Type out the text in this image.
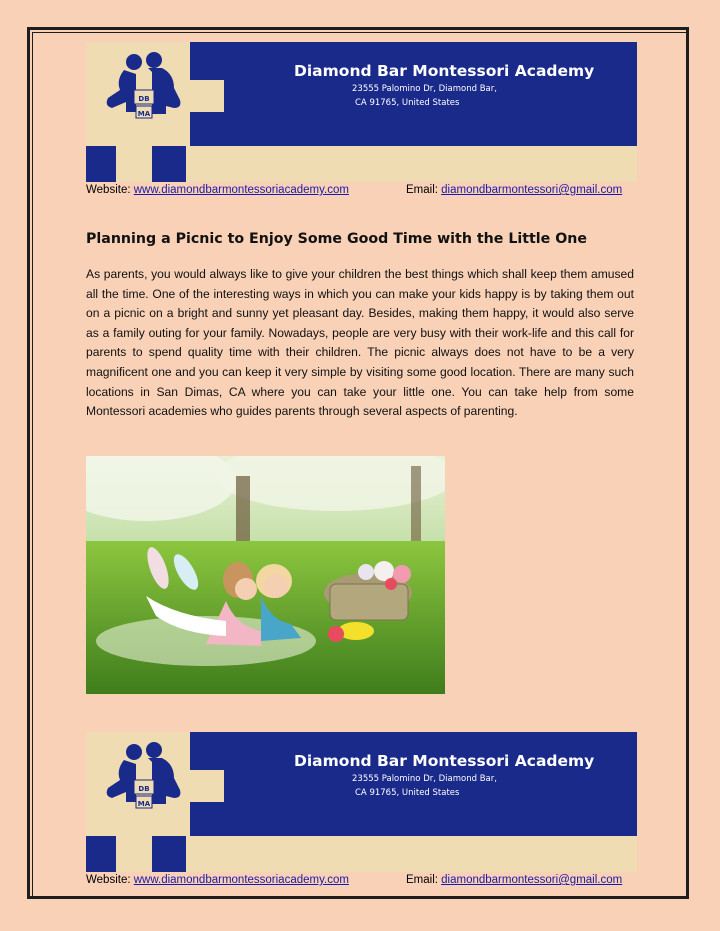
DB
MA
Diamond Bar Montessori Academy
23555 Palomino Dr, Diamond Bar,
CA 91765, United States
Website: www.diamondbarmontessoriacademy.com	Email: diamondbarmontessori@gmail.com
Planning a Picnic to Enjoy Some Good Time with the Little One

As parents, you would always like to give your children the best things which shall keep them amused all the time. One of the interesting ways in which you can make your kids happy is by taking them out on a picnic on a bright and sunny yet pleasant day. Besides, making them happy, it would also serve as a family outing for your family. Nowadays, people are very busy with their work-life and this call for parents to spend quality time with their children. The picnic always does not have to be a very magnificent one and you can keep it very simple by visiting some good location. There are many such locations in San Dimas, CA where you can take your little one. You can take help from some Montessori academies who guides parents through several aspects of parenting.

DB
MA
Diamond Bar Montessori Academy
23555 Palomino Dr, Diamond Bar,
CA 91765, United States
Website: www.diamondbarmontessoriacademy.com	Email: diamondbarmontessori@gmail.com
